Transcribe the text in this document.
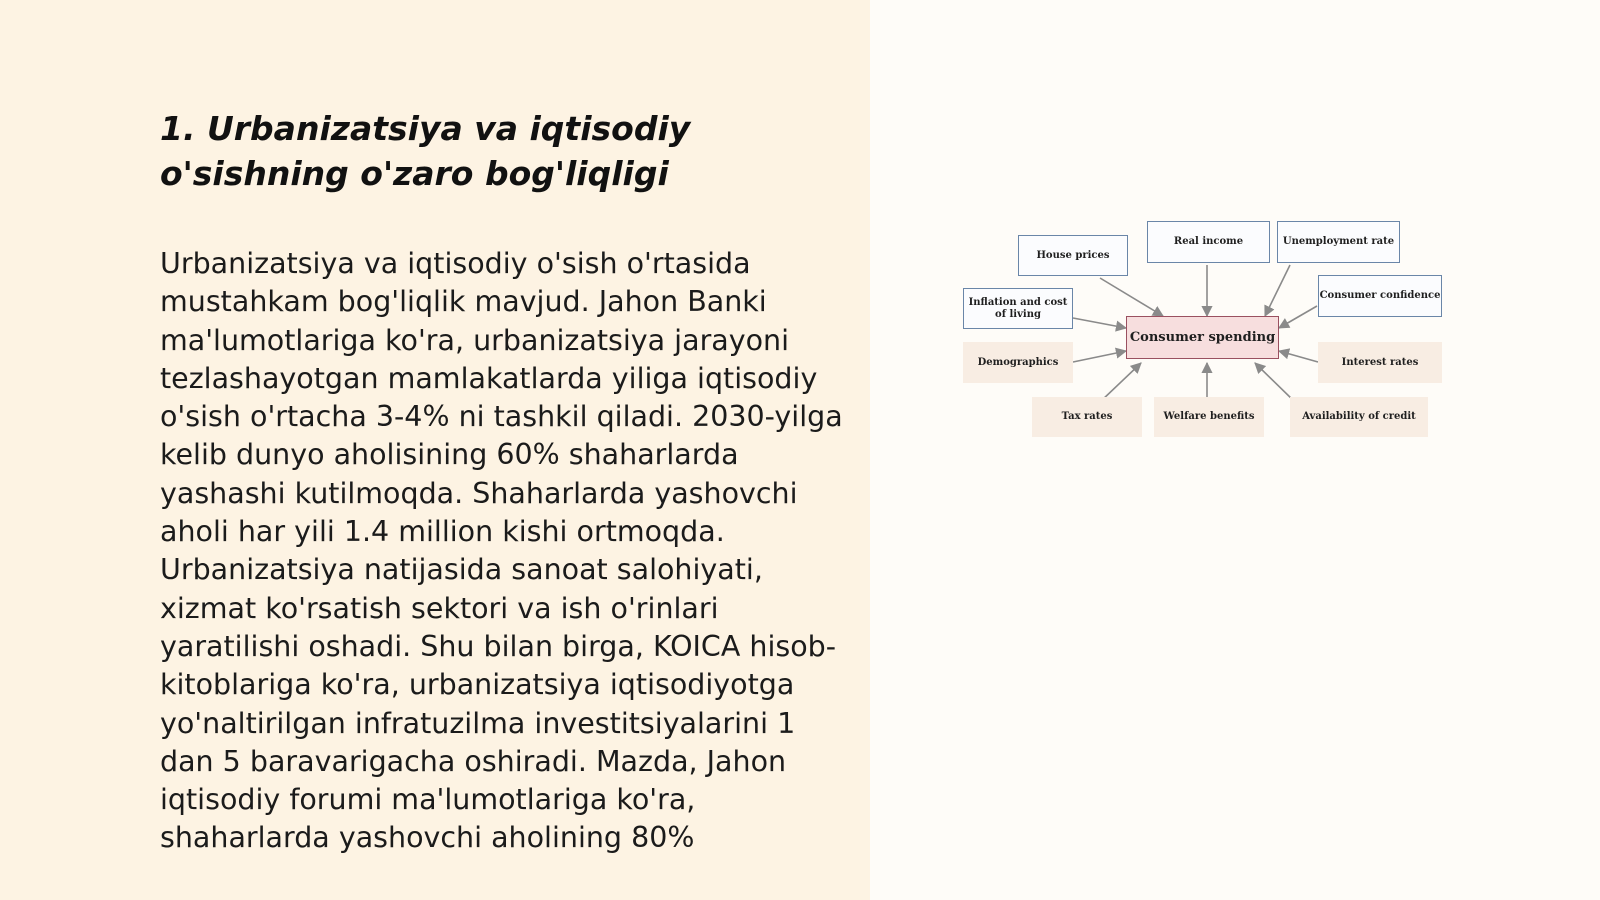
1. Urbanizatsiya va iqtisodiy o'sishning o'zaro bog'liqligi

Urbanizatsiya va iqtisodiy o'sish o'rtasida mustahkam bog'liqlik mavjud. Jahon Banki ma'lumotlariga ko'ra, urbanizatsiya jarayoni tezlashayotgan mamlakatlarda yiliga iqtisodiy o'sish o'rtacha 3-4% ni tashkil qiladi. 2030-yilga kelib dunyo aholisining 60% shaharlarda yashashi kutilmoqda. Shaharlarda yashovchi aholi har yili 1.4 million kishi ortmoqda. Urbanizatsiya natijasida sanoat salohiyati, xizmat ko'rsatish sektori va ish o'rinlari yaratilishi oshadi. Shu bilan birga, KOICA hisob-kitoblariga ko'ra, urbanizatsiya iqtisodiyotga yo'naltirilgan infratuzilma investitsiyalarini 1 dan 5 baravarigacha oshiradi. Mazda, Jahon iqtisodiy forumi ma'lumotlariga ko'ra, shaharlarda yashovchi aholining 80%

House prices
Real income	Unemployment rate
Inflation and cost of living
Consumer confidence
Consumer spending
Demographics	Interest rates
Tax rates	Welfare benefits	Availability of credit
